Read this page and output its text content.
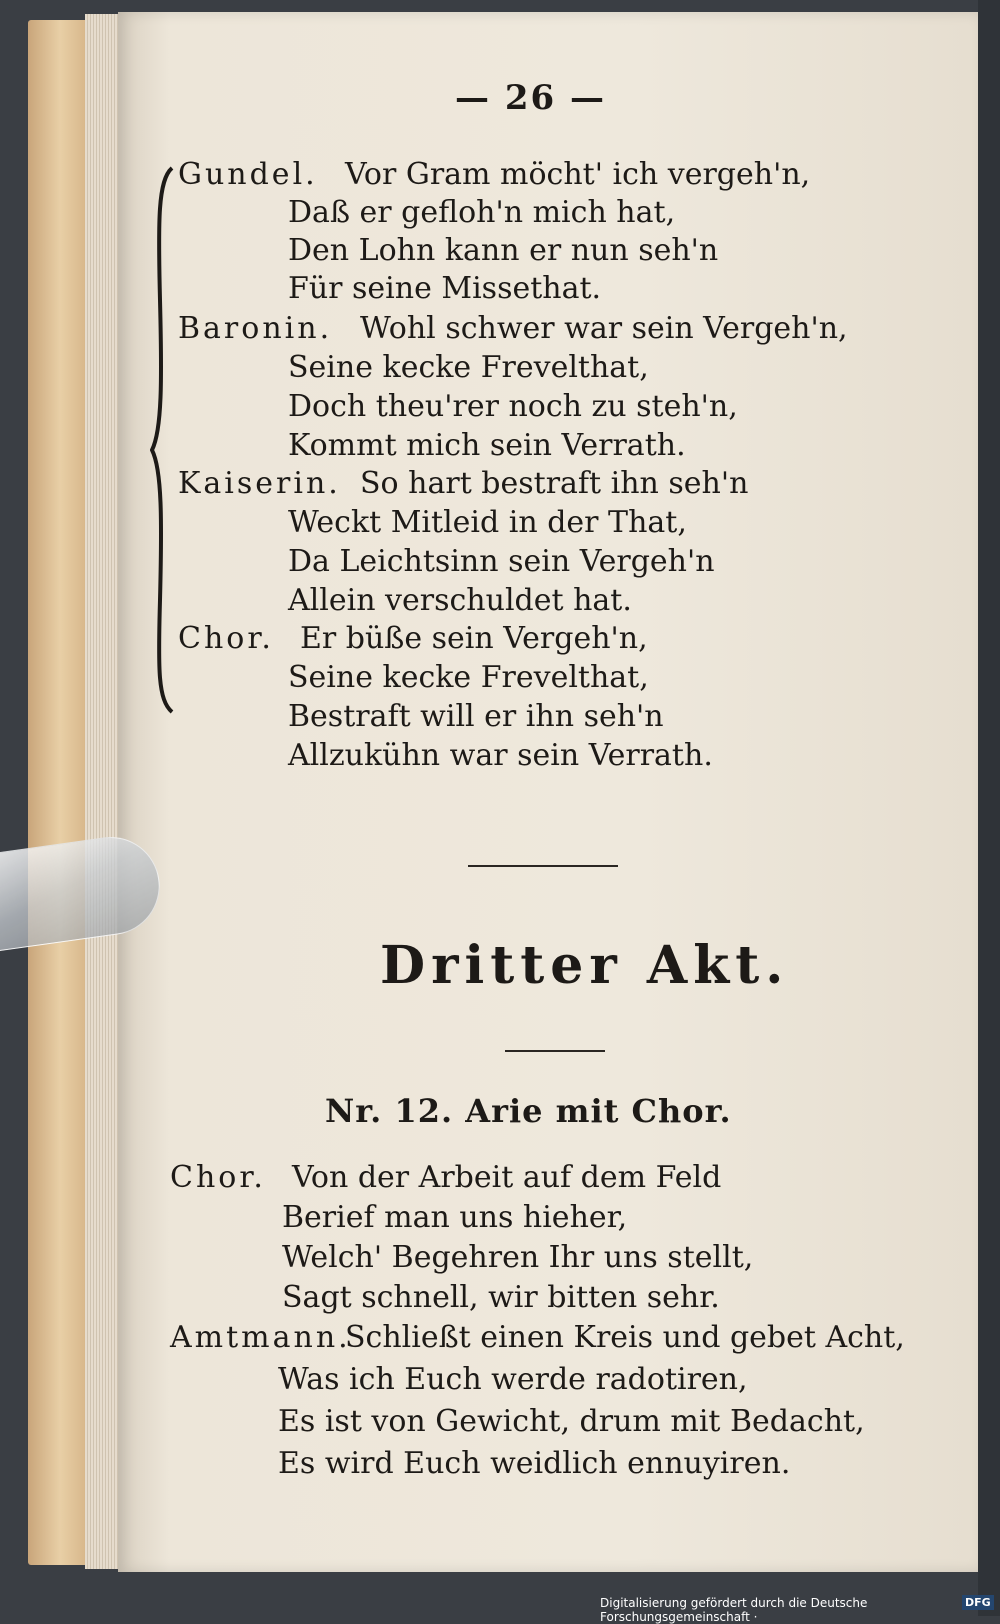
— 26 —
Gundel. Vor Gram möcht' ich vergeh'n,
Daß er gefloh'n mich hat,
Den Lohn kann er nun seh'n
Für seine Missethat.
Baronin. Wohl schwer war sein Vergeh'n,
Seine kecke Frevelthat,
Doch theu'rer noch zu steh'n,
Kommt mich sein Verrath.
Kaiserin. So hart bestraft ihn seh'n
Weckt Mitleid in der That,
Da Leichtsinn sein Vergeh'n
Allein verschuldet hat.
Chor. Er büße sein Vergeh'n,
Seine kecke Frevelthat,
Bestraft will er ihn seh'n
Allzukühn war sein Verrath.
Dritter Akt.
Nr. 12. Arie mit Chor.
Chor. Von der Arbeit auf dem Feld
Berief man uns hieher,
Welch' Begehren Ihr uns stellt,
Sagt schnell, wir bitten sehr.
Amtmann.
Schließt einen Kreis und gebet Acht,
Was ich Euch werde radotiren,
Es ist von Gewicht, drum mit Bedacht,
Es wird Euch weidlich ennuyiren.
Digitalisierung gefördert durch die Deutsche Forschungsgemeinschaft ·
DFG
